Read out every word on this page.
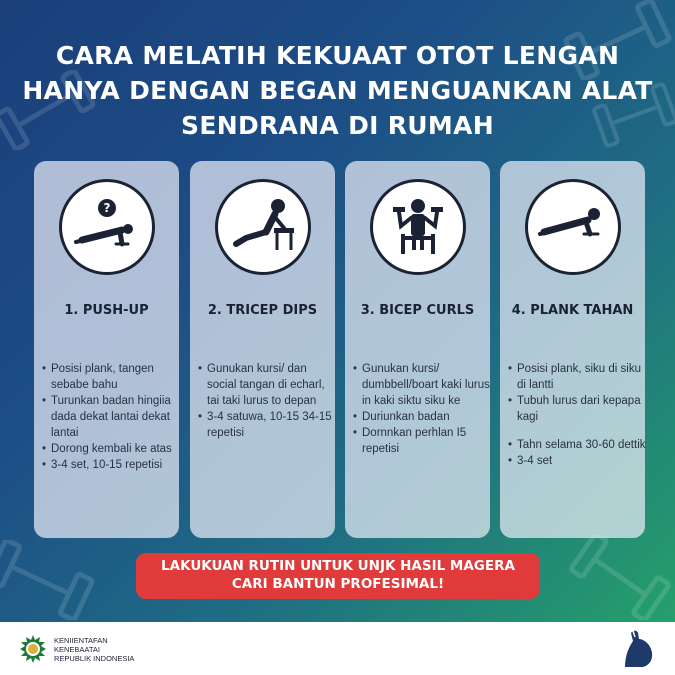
CARA MELATIH KEKUAAT OTOT LENGAN
HANYA DENGAN BEGAN MENGUANKAN ALAT
SENDRANA DI RUMAH
?
1. PUSH-UP
• Posisi plank, tangen sebabe bahu
• Turunkan badan hingiia dada dekat lantai dekat lantai
• Dorong kembali ke atas
• 3-4 set, 10-15 repetisi
2. TRICEP DIPS
• Gunukan kursi/ dan social tangan di echarl, tai taki lurus to depan
• 3-4 satuwa, 10-15 34-15 repetisi
3. BICEP CURLS
• Gunukan kursi/ dumbbell/boart kaki lurus in kaki siktu siku ke
• Duriunkan badan
• Dornnkan perhlan I5 repetisi
4. PLANK TAHAN
• Posisi plank, siku di siku di lantti
• Tubuh lurus dari kepapa kagi
• Tahn selama 30-60 dettik
• 3-4 set
LAKUKUAN RUTIN UNTUK UNJK HASIL MAGERA
CARI BANTUN PROFESIMAL!
KENIIENTAFAN
KENEBAATAI
REPUBLIK INDONESIA
